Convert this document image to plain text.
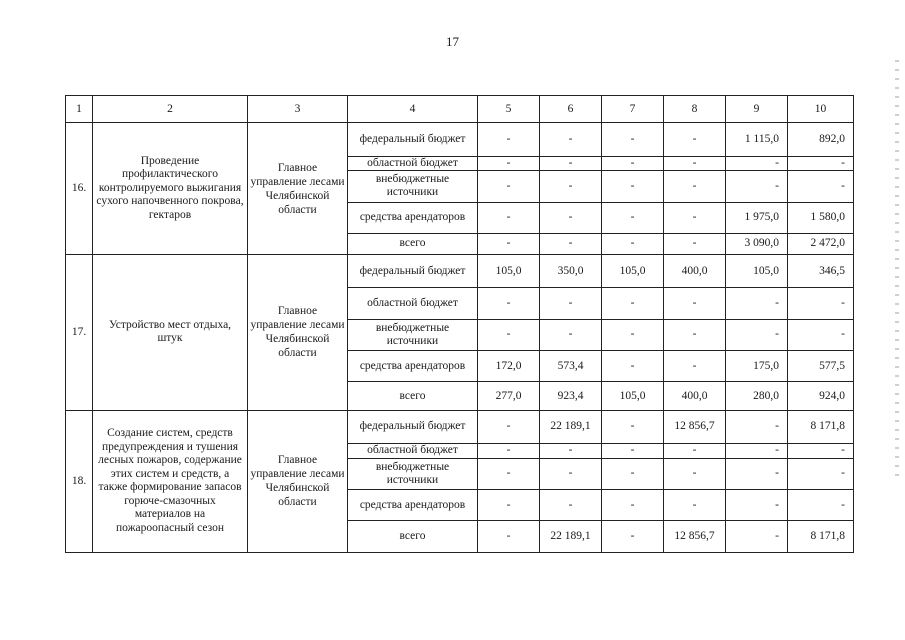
17
1	2	3	4	5	6	7	8	9	10
16.	Проведение профилактического контролируемого выжигания сухого напочвенного покрова, гектаров	Главное управление лесами Челябинской области	федеральный бюджет	-	-	-	-	1 115,0	892,0
			областной бюджет	-	-	-	-	-	-
			внебюджетные источники	-	-	-	-	-	-
			средства арендаторов	-	-	-	-	1 975,0	1 580,0
			всего	-	-	-	-	3 090,0	2 472,0
17.	Устройство мест отдыха, штук	Главное управление лесами Челябинской области	федеральный бюджет	105,0	350,0	105,0	400,0	105,0	346,5
			областной бюджет	-	-	-	-	-	-
			внебюджетные источники	-	-	-	-	-	-
			средства арендаторов	172,0	573,4	-	-	175,0	577,5
			всего	277,0	923,4	105,0	400,0	280,0	924,0
18.	Создание систем, средств предупреждения и тушения лесных пожаров, содержание этих систем и средств, а также формирование запасов горюче-смазочных материалов на пожароопасный сезон	Главное управление лесами Челябинской области	федеральный бюджет	-	22 189,1	-	12 856,7	-	8 171,8
			областной бюджет	-	-	-	-	-	-
			внебюджетные источники	-	-	-	-	-	-
			средства арендаторов	-	-	-	-	-	-
			всего	-	22 189,1	-	12 856,7	-	8 171,8
